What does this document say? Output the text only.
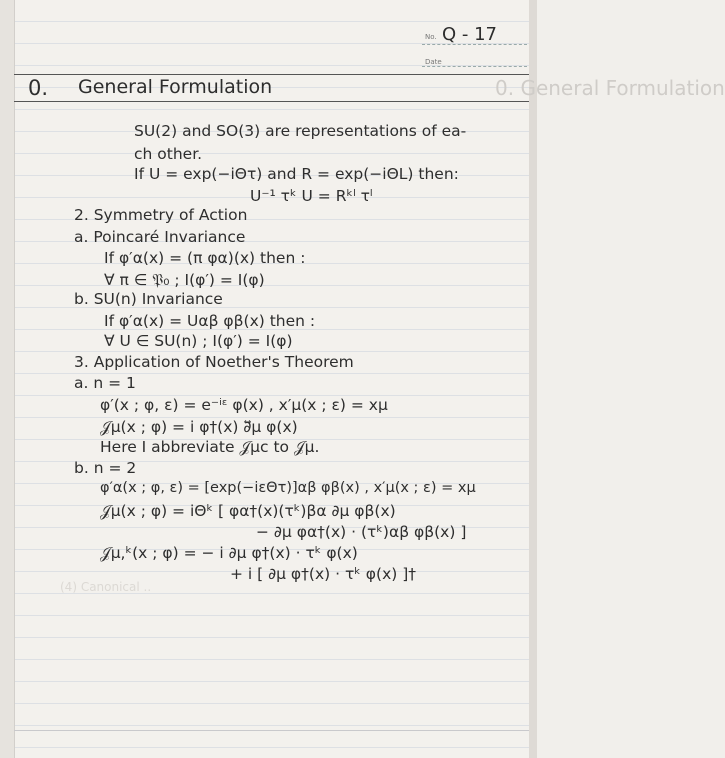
0. General Formulation
(4) Canonical ..
No. Q - 17
Date
0. General Formulation
SU(2) and SO(3) are representations of ea-
ch other.
If U = exp(−iΘτ) and R = exp(−iΘL) then:
U⁻¹ τᵏ U = Rᵏˡ τˡ
2. Symmetry of Action
a. Poincaré Invariance
If φ′α(x) = (π φα)(x) then :
∀ π ∈ 𝔓₀ ; I(φ′) = I(φ)
b. SU(n) Invariance
If φ′α(x) = Uαβ φβ(x) then :
∀ U ∈ SU(n) ; I(φ′) = I(φ)
3. Application of Noether's Theorem
a. n = 1
φ′(x ; φ, ε) = e⁻ⁱᵋ φ(x) , x′μ(x ; ε) = xμ
𝒥μ(x ; φ) = i φ†(x) ∂⃡μ φ(x)
Here I abbreviate 𝒥μc to 𝒥μ.
b. n = 2
φ′α(x ; φ, ε) = [exp(−iεΘτ)]αβ φβ(x) , x′μ(x ; ε) = xμ
𝒥μ(x ; φ) = iΘᵏ [ φα†(x)(τᵏ)βα ∂μ φβ(x)
− ∂μ φα†(x) · (τᵏ)αβ φβ(x) ]
𝒥μ,ᵏ(x ; φ) = − i ∂μ φ†(x) · τᵏ φ(x)
+ i [ ∂μ φ†(x) · τᵏ φ(x) ]†
